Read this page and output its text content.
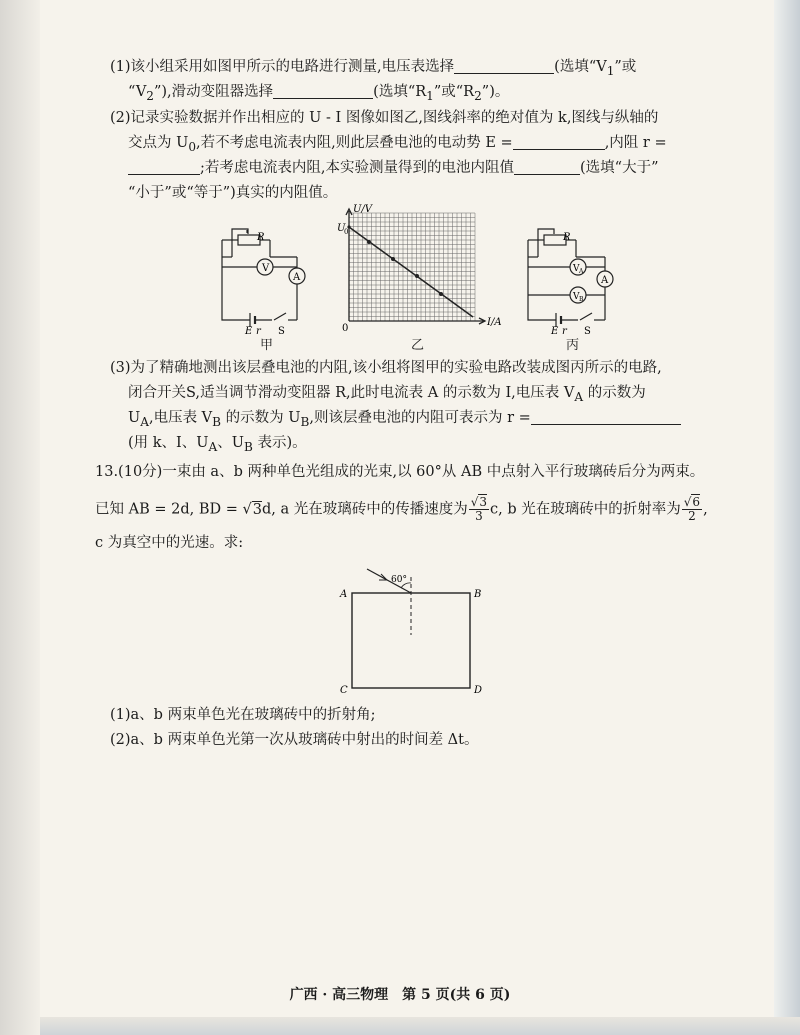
(1)该小组采用如图甲所示的电路进行测量,电压表选择	(选填“$V_1$”或
“$V_2$”),滑动变阻器选择	(选填“$R_1$”或“$R_2$”)。
(2)记录实验数据并作出相应的 U - I 图像如图乙,图线斜率的绝对值为 k,图线与纵轴的
交点为 $U_0$,若不考虑电流表内阻,则此层叠电池的电动势 E =	,内阻 r =
;若考虑电流表内阻,本实验测量得到的电池内阻值	(选填“大于”
“小于”或“等于”)真实的内阻值。
R
V
A
E r S
甲
U/V
U
0
I/A
0
乙
R
V A
V B
A
E r S
丙
(3)为了精确地测出该层叠电池的内阻,该小组将图甲的实验电路改装成图丙所示的电路,
闭合开关S,适当调节滑动变阻器 R,此时电流表 A 的示数为 I,电压表 $V_A$ 的示数为
$U_A$,电压表 $V_B$ 的示数为 $U_B$,则该层叠电池的内阻可表示为 r =
(用 k、I、$U_A$、$U_B$ 表示)。
13.(10分)一束由 a、b 两种单色光组成的光束,以 60°从 AB 中点射入平行玻璃砖后分为两束。
已知 AB = 2d, BD = √3d, a 光在玻璃砖中的传播速度为 $\frac{√3}{3} c$, b 光在玻璃砖中的折射率为 $\frac{√6}{2}$ ,
c 为真空中的光速。求:
60°
A	B
C	D
(1)a、b 两束单色光在玻璃砖中的折射角;
(2)a、b 两束单色光第一次从玻璃砖中射出的时间差 Δt。
广西 · 高三物理　第 5 页(共 6 页)
